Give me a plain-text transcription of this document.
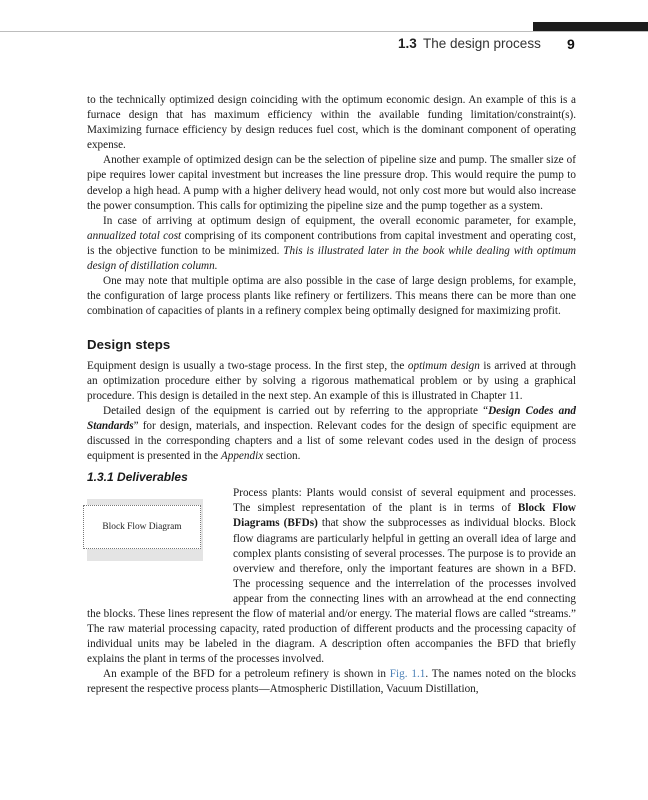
1.3 The design process 9

to the technically optimized design coinciding with the optimum economic design. An example of this is a furnace design that has maximum efficiency within the available funding limitation/constraint(s). Maximizing furnace efficiency by design reduces fuel cost, which is the dominant component of operating expense.

Another example of optimized design can be the selection of pipeline size and pump. The smaller size of pipe requires lower capital investment but increases the line pressure drop. This would require the pump to develop a high head. A pump with a higher delivery head would, not only cost more but would also increase the power consumption. This calls for optimizing the pipeline size and the pump together as a system.

In case of arriving at optimum design of equipment, the overall economic parameter, for example, annualized total cost comprising of its component contributions from capital investment and operating cost, is the objective function to be minimized. This is illustrated later in the book while dealing with optimum design of distillation column.

One may note that multiple optima are also possible in the case of large design problems, for example, the configuration of large process plants like refinery or fertilizers. This means there can be more than one combination of capacities of plants in a refinery complex being optimally designed for maximizing profit.

Design steps

Equipment design is usually a two-stage process. In the first step, the optimum design is arrived at through an optimization procedure either by solving a rigorous mathematical problem or by using a graphical procedure. This design is detailed in the next step. An example of this is illustrated in Chapter 11.

Detailed design of the equipment is carried out by referring to the appropriate “Design Codes and Standards” for design, materials, and inspection. Relevant codes for the design of specific equipment are discussed in the corresponding chapters and a list of some relevant codes used in the design of process equipment is presented in the Appendix section.

1.3.1 Deliverables

Block Flow Diagram
Process plants: Plants would consist of several equipment and processes. The simplest representation of the plant is in terms of Block Flow Diagrams (BFDs) that show the subprocesses as individual blocks. Block flow diagrams are particularly helpful in getting an overall idea of large and complex plants consisting of several processes. The purpose is to provide an overview and therefore, only the important features are shown in a BFD. The processing sequence and the interrelation of the processes involved appear from the connecting lines with an arrowhead at the end connecting the blocks. These lines represent the flow of material and/or energy. The material flows are called “streams.” The raw material processing capacity, rated production of different products and the processing capacity of individual units may be labeled in the diagram. A description often accompanies the BFD that briefly explains the plant in terms of the processes involved.

An example of the BFD for a petroleum refinery is shown in Fig. 1.1. The names noted on the blocks represent the respective process plants—Atmospheric Distillation, Vacuum Distillation,
